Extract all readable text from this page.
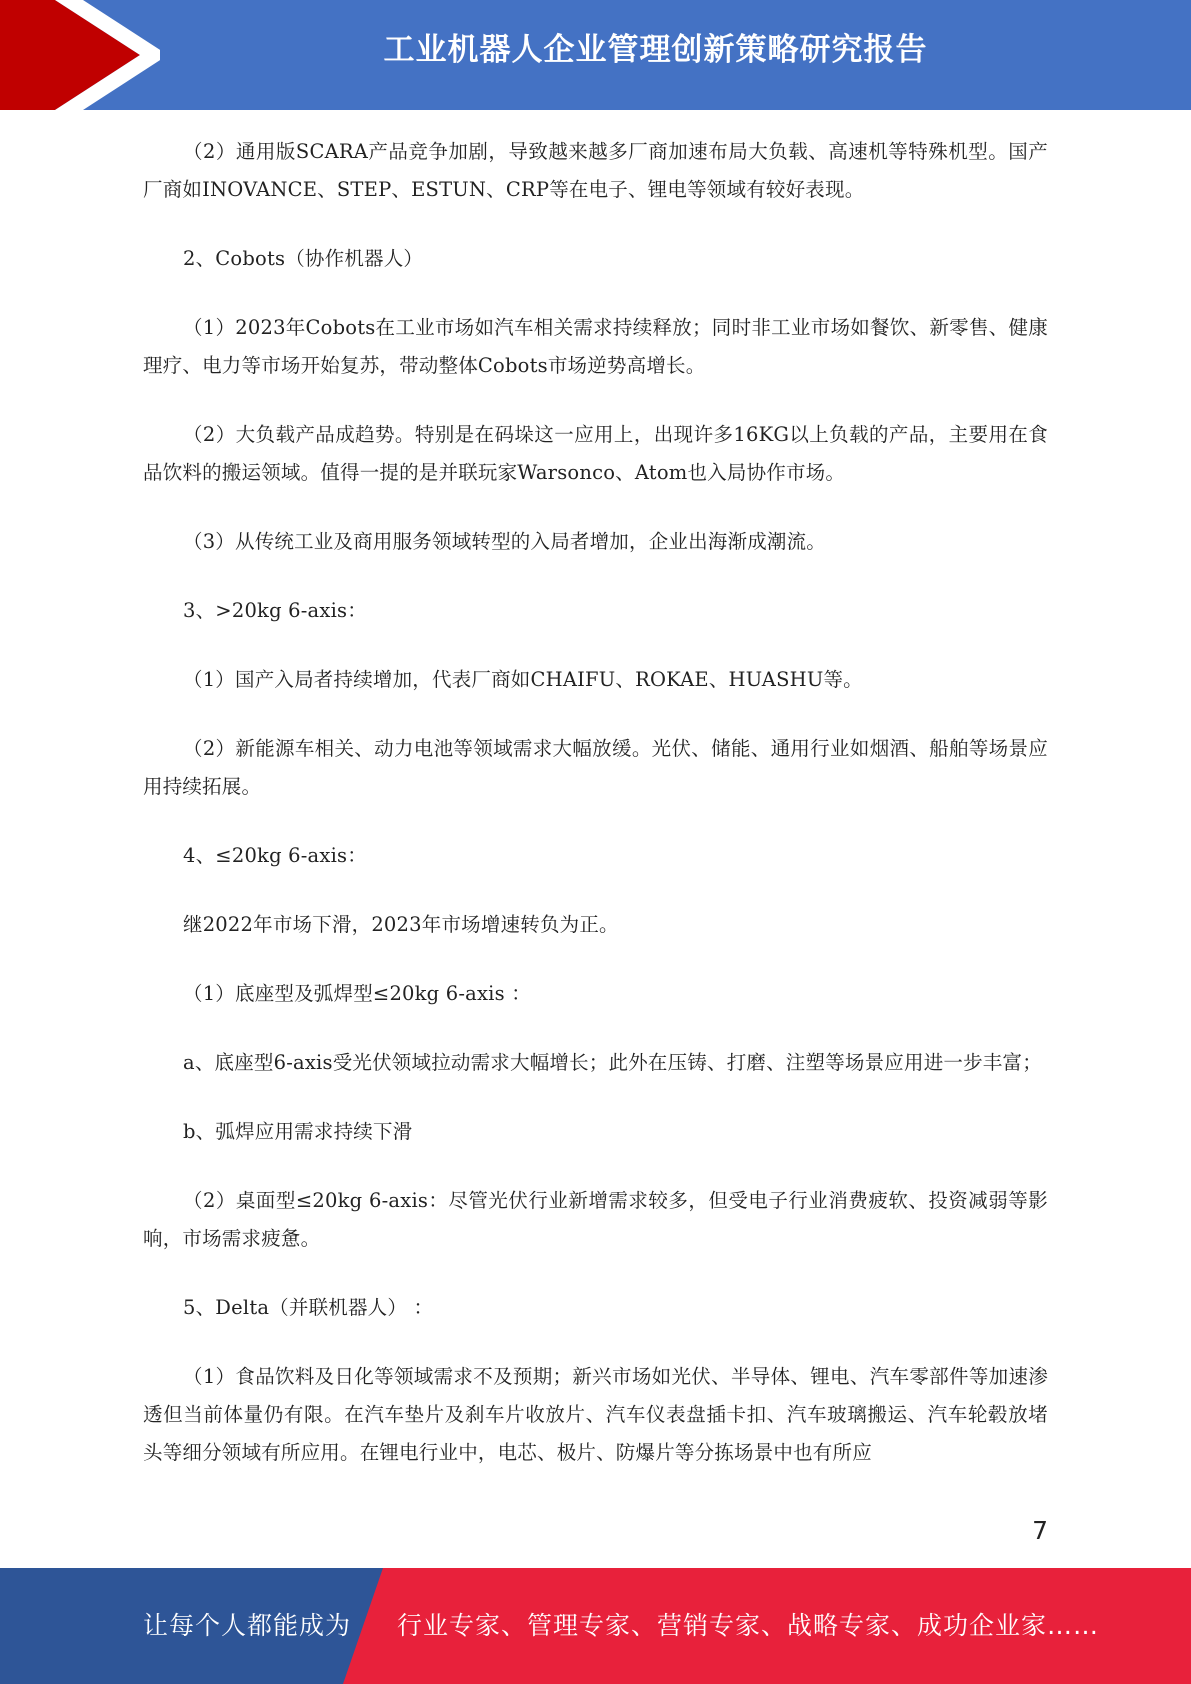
工业机器人企业管理创新策略研究报告

（2）通用版SCARA产品竞争加剧，导致越来越多厂商加速布局大负载、高速机等特殊机型。国产厂商如INOVANCE、STEP、ESTUN、CRP等在电子、锂电等领域有较好表现。

2、Cobots（协作机器人）

（1）2023年Cobots在工业市场如汽车相关需求持续释放；同时非工业市场如餐饮、新零售、健康理疗、电力等市场开始复苏，带动整体Cobots市场逆势高增长。

（2）大负载产品成趋势。特别是在码垛这一应用上，出现许多16KG以上负载的产品，主要用在食品饮料的搬运领域。值得一提的是并联玩家Warsonco、Atom也入局协作市场。

（3）从传统工业及商用服务领域转型的入局者增加，企业出海渐成潮流。

3、>20kg 6-axis：

（1）国产入局者持续增加，代表厂商如CHAIFU、ROKAE、HUASHU等。

（2）新能源车相关、动力电池等领域需求大幅放缓。光伏、储能、通用行业如烟酒、船舶等场景应用持续拓展。

4、≤20kg 6-axis：

继2022年市场下滑，2023年市场增速转负为正。

（1）底座型及弧焊型≤20kg 6-axis ：

a、底座型6-axis受光伏领域拉动需求大幅增长；此外在压铸、打磨、注塑等场景应用进一步丰富；

b、弧焊应用需求持续下滑

（2）桌面型≤20kg 6-axis：尽管光伏行业新增需求较多，但受电子行业消费疲软、投资减弱等影响，市场需求疲惫。

5、Delta（并联机器人） ：

（1）食品饮料及日化等领域需求不及预期；新兴市场如光伏、半导体、锂电、汽车零部件等加速渗透但当前体量仍有限。在汽车垫片及刹车片收放片、汽车仪表盘插卡扣、汽车玻璃搬运、汽车轮毂放堵头等细分领域有所应用。在锂电行业中，电芯、极片、防爆片等分拣场景中也有所应

7
让每个人都能成为 行业专家、管理专家、营销专家、战略专家、成功企业家……
